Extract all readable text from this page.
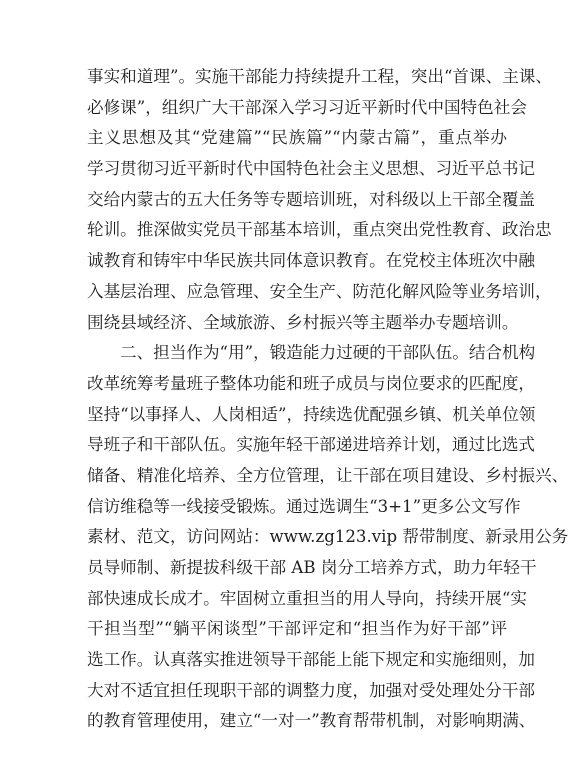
事实和道理”。实施干部能力持续提升工程，突出“首课、主课、
必修课”，组织广大干部深入学习习近平新时代中国特色社会
主义思想及其“党建篇”“民族篇”“内蒙古篇”，重点举办
学习贯彻习近平新时代中国特色社会主义思想、习近平总书记
交给内蒙古的五大任务等专题培训班，对科级以上干部全覆盖
轮训。推深做实党员干部基本培训，重点突出党性教育、政治忠
诚教育和铸牢中华民族共同体意识教育。在党校主体班次中融
入基层治理、应急管理、安全生产、防范化解风险等业务培训，
围绕县域经济、全域旅游、乡村振兴等主题举办专题培训。
二、担当作为“用”，锻造能力过硬的干部队伍。结合机构
改革统筹考量班子整体功能和班子成员与岗位要求的匹配度，
坚持“以事择人、人岗相适”，持续选优配强乡镇、机关单位领
导班子和干部队伍。实施年轻干部递进培养计划，通过比选式
储备、精准化培养、全方位管理，让干部在项目建设、乡村振兴、
信访维稳等一线接受锻炼。通过选调生“3+1”更多公文写作
素材、范文，访问网站：www.zg123.vip 帮带制度、新录用公务
员导师制、新提拔科级干部 AB 岗分工培养方式，助力年轻干
部快速成长成才。牢固树立重担当的用人导向，持续开展“实
干担当型”“躺平闲谈型”干部评定和“担当作为好干部”评
选工作。认真落实推进领导干部能上能下规定和实施细则，加
大对不适宜担任现职干部的调整力度，加强对受处理处分干部
的教育管理使用，建立“一对一”教育帮带机制，对影响期满、
